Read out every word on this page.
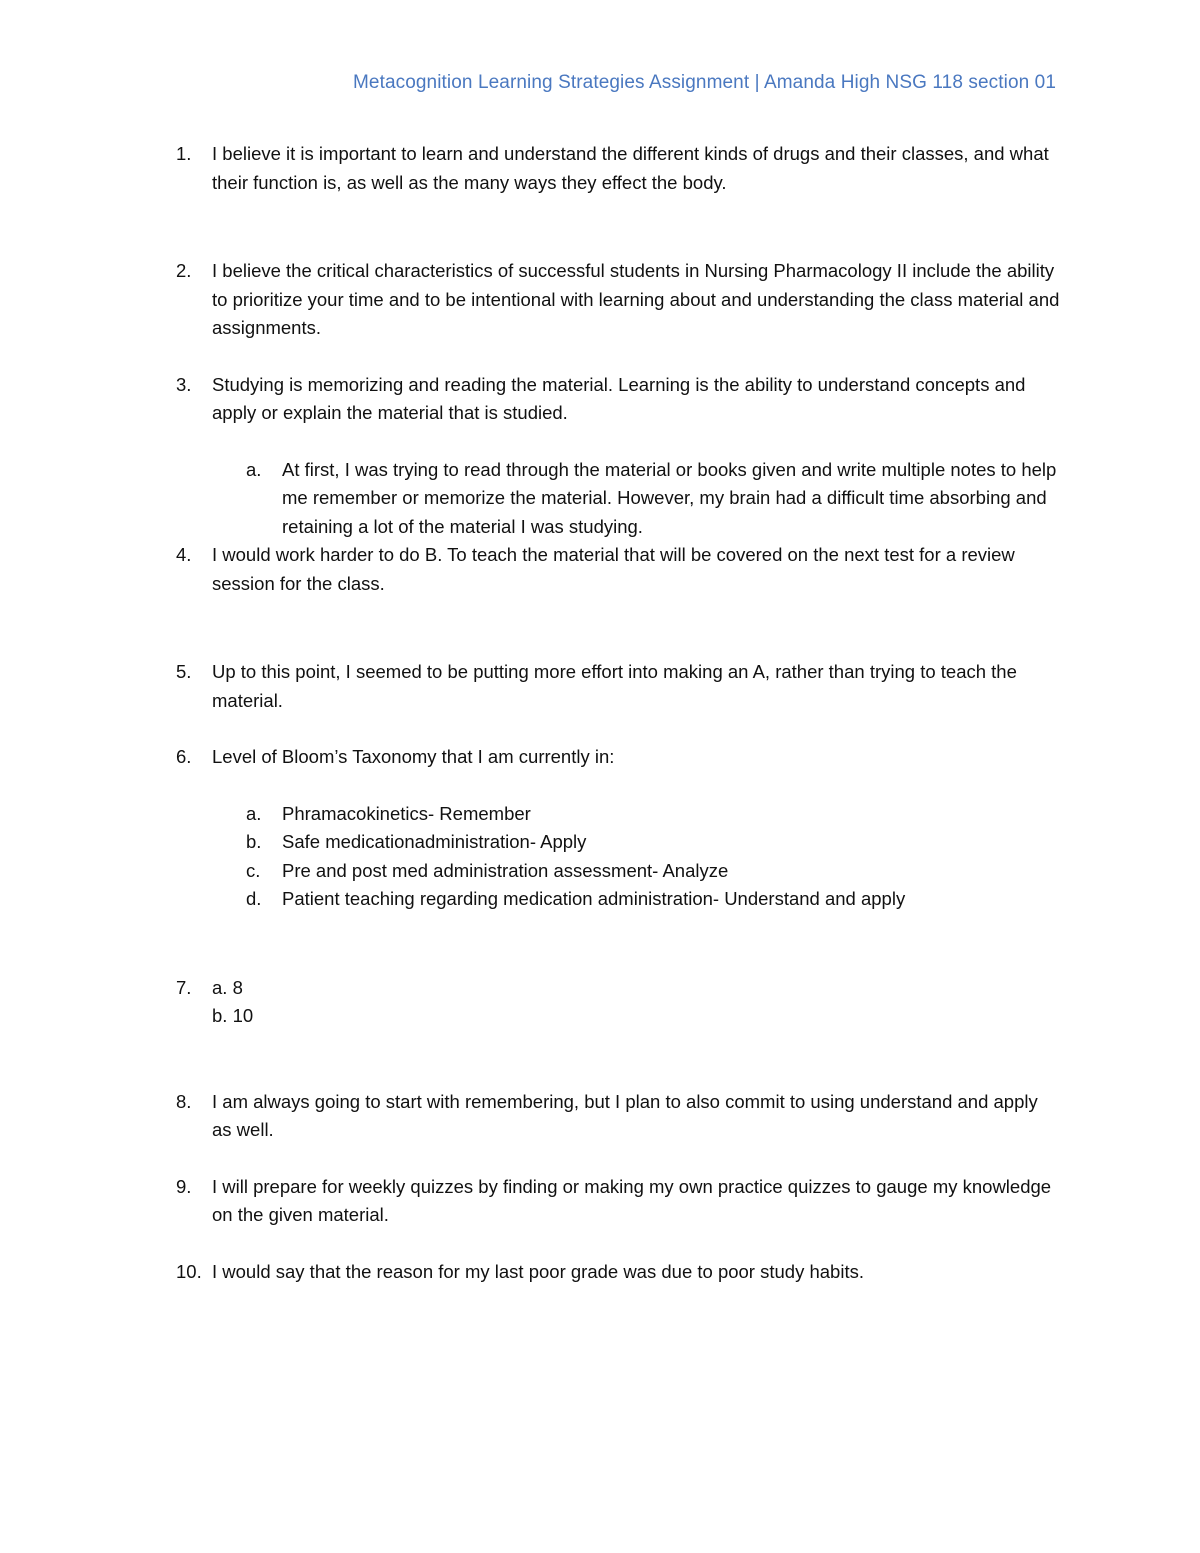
Metacognition Learning Strategies Assignment | Amanda High NSG 118 section 01
1.	I believe it is important to learn and understand the different kinds of drugs and their classes, and what their function is, as well as the many ways they effect the body.
2.	I believe the critical characteristics of successful students in Nursing Pharmacology II include the ability to prioritize your time and to be intentional with learning about and understanding the class material and assignments.
3.	Studying is memorizing and reading the material. Learning is the ability to understand concepts and apply or explain the material that is studied.
a.	At first, I was trying to read through the material or books given and write multiple notes to help me remember or memorize the material. However, my brain had a difficult time absorbing and retaining a lot of the material I was studying.
4.	I would work harder to do B. To teach the material that will be covered on the next test for a review session for the class.
5.	Up to this point, I seemed to be putting more effort into making an A, rather than trying to teach the material.
6.	Level of Bloom’s Taxonomy that I am currently in:
a.	Phramacokinetics- Remember
b.	Safe medicationadministration- Apply
c.	Pre and post med administration assessment- Analyze
d.	Patient teaching regarding medication administration- Understand and apply
7.	a. 8
b. 10
8.	I am always going to start with remembering, but I plan to also commit to using understand and apply as well.
9.	I will prepare for weekly quizzes by finding or making my own practice quizzes to gauge my knowledge on the given material.
10. I would say that the reason for my last poor grade was due to poor study habits.
